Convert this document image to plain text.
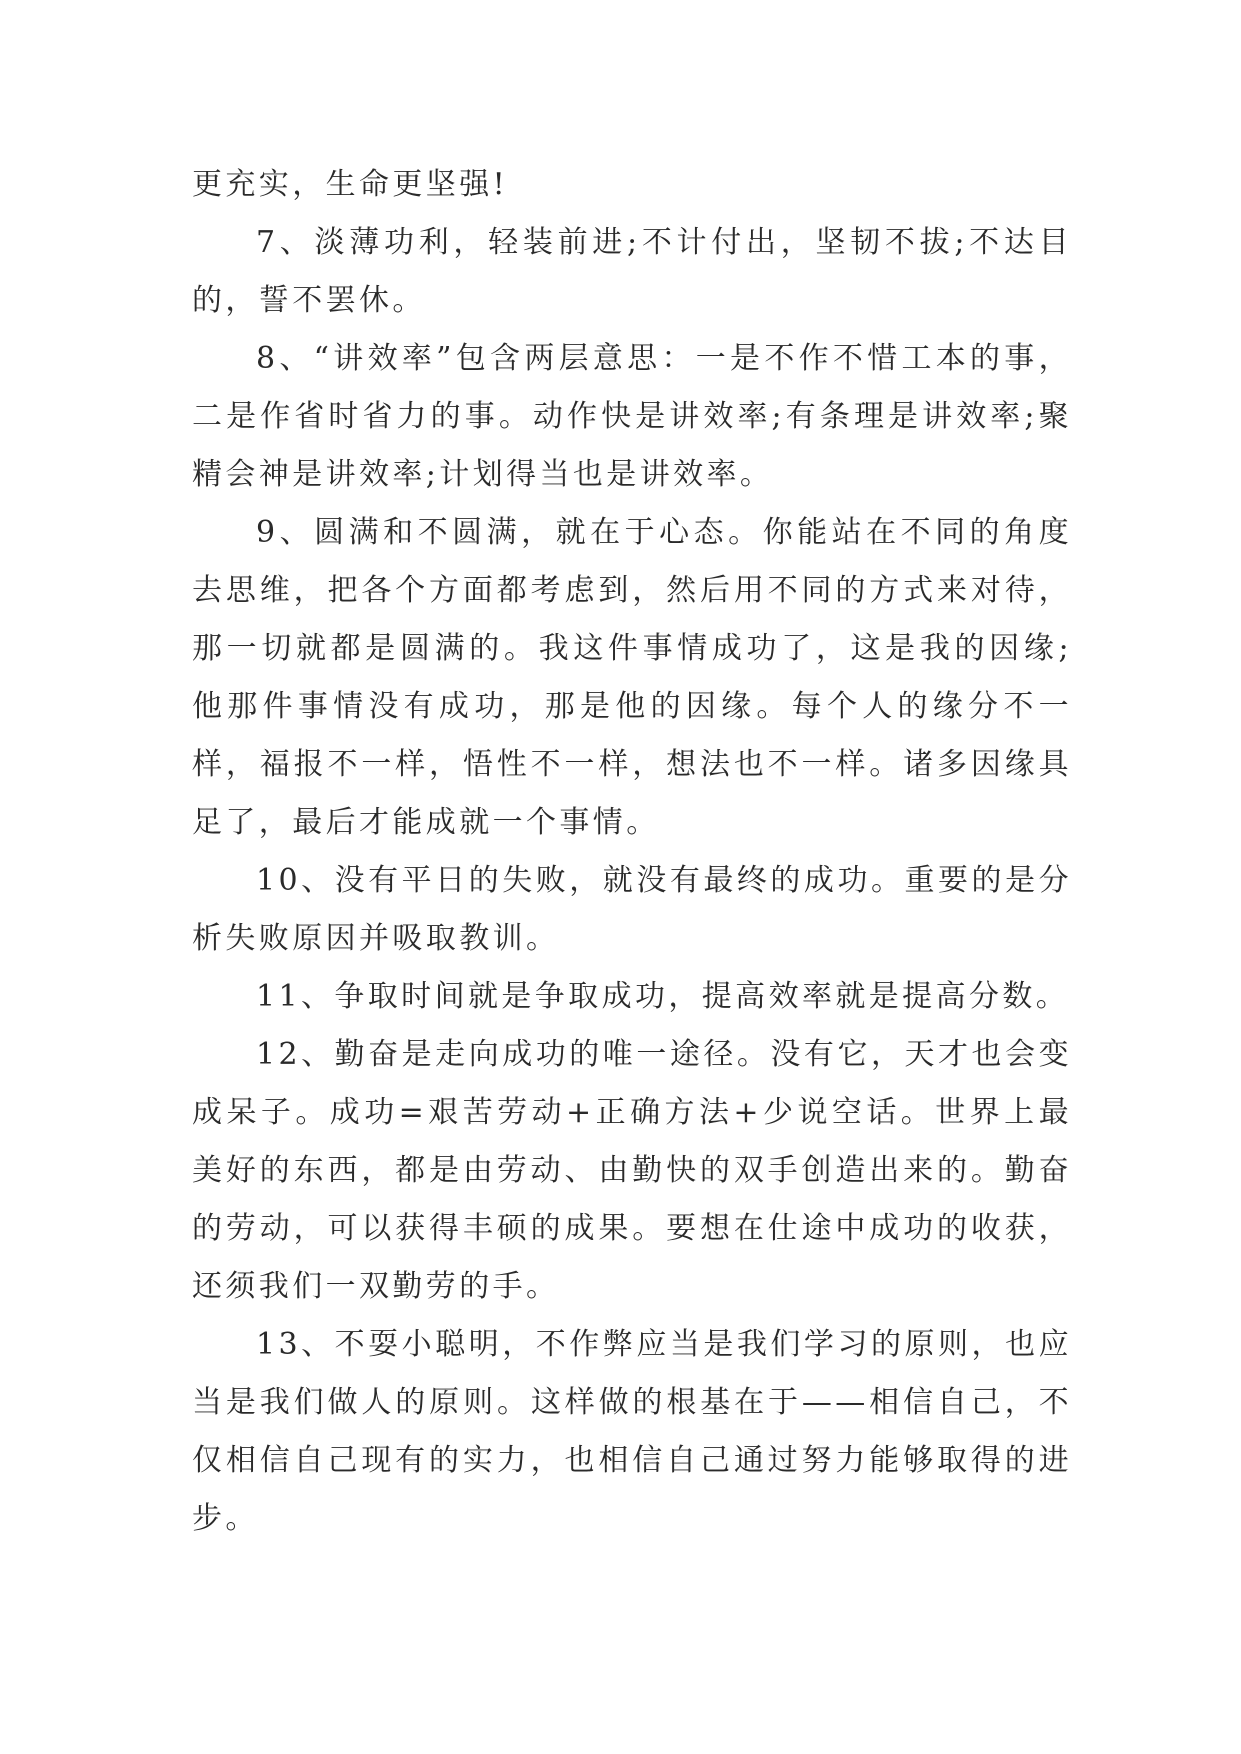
更充实，生命更坚强!

7、淡薄功利，轻装前进;不计付出，坚韧不拔;不达目的，誓不罢休。

8、“讲效率”包含两层意思：一是不作不惜工本的事，二是作省时省力的事。动作快是讲效率;有条理是讲效率;聚精会神是讲效率;计划得当也是讲效率。

9、圆满和不圆满，就在于心态。你能站在不同的角度去思维，把各个方面都考虑到，然后用不同的方式来对待，那一切就都是圆满的。我这件事情成功了，这是我的因缘;他那件事情没有成功，那是他的因缘。每个人的缘分不一样，福报不一样，悟性不一样，想法也不一样。诸多因缘具足了，最后才能成就一个事情。

10、没有平日的失败，就没有最终的成功。重要的是分析失败原因并吸取教训。

11、争取时间就是争取成功，提高效率就是提高分数。

12、勤奋是走向成功的唯一途径。没有它，天才也会变成呆子。成功=艰苦劳动+正确方法+少说空话。世界上最美好的东西，都是由劳动、由勤快的双手创造出来的。勤奋的劳动，可以获得丰硕的成果。要想在仕途中成功的收获，还须我们一双勤劳的手。

13、不耍小聪明，不作弊应当是我们学习的原则，也应当是我们做人的原则。这样做的根基在于——相信自己，不仅相信自己现有的实力，也相信自己通过努力能够取得的进步。
